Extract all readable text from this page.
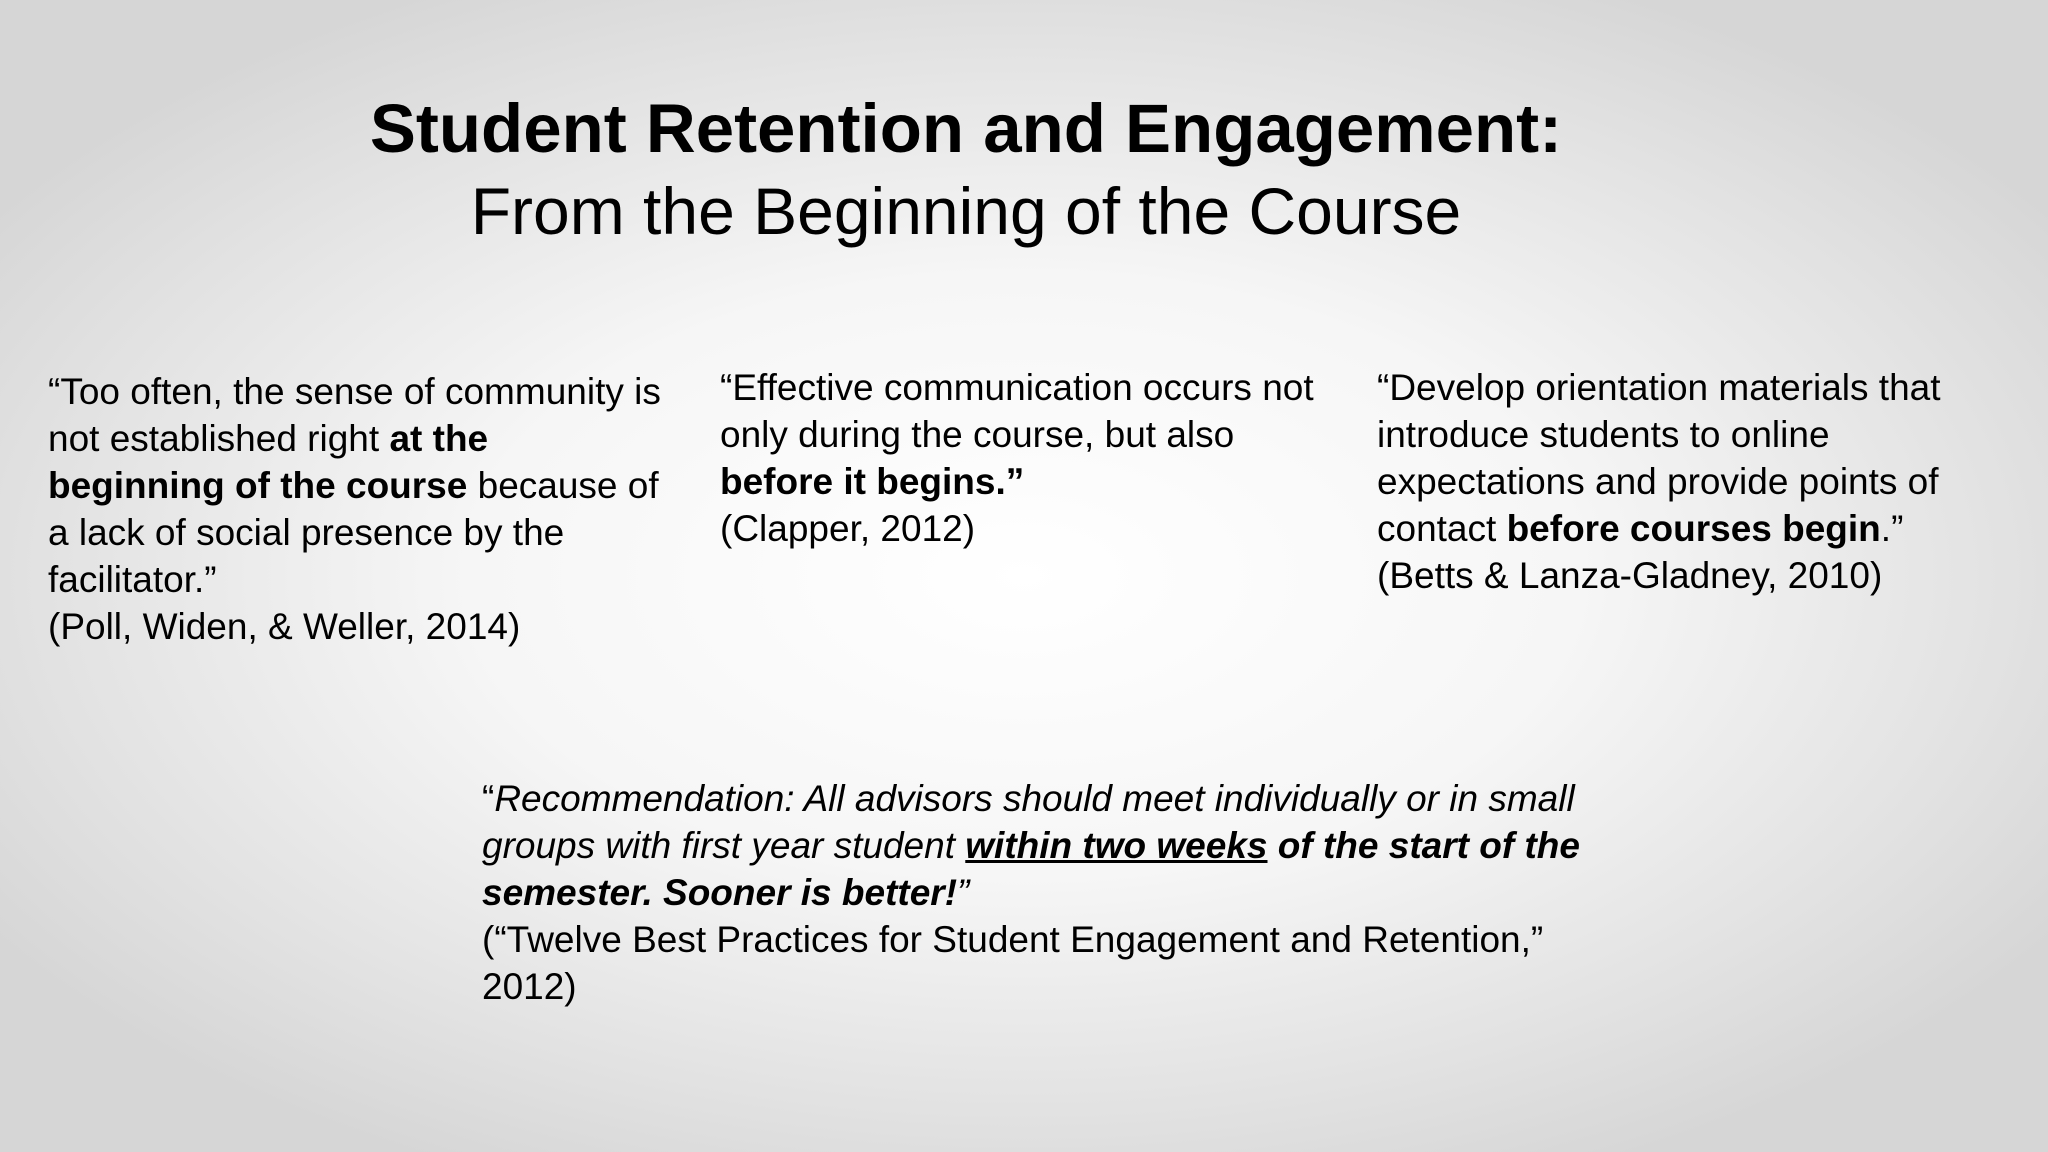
Student Retention and Engagement:
From the Beginning of the Course
“Too often, the sense of community is not established right at the beginning of the course because of a lack of social presence by the facilitator.”
(Poll, Widen, & Weller, 2014)
“Effective communication occurs not only during the course, but also before it begins.”
(Clapper, 2012)
“Develop orientation materials that introduce students to online expectations and provide points of contact before courses begin.”
(Betts & Lanza-Gladney, 2010)
“Recommendation: All advisors should meet individually or in small groups with first year student within two weeks of the start of the semester. Sooner is better!”
(“Twelve Best Practices for Student Engagement and Retention,” 2012)
